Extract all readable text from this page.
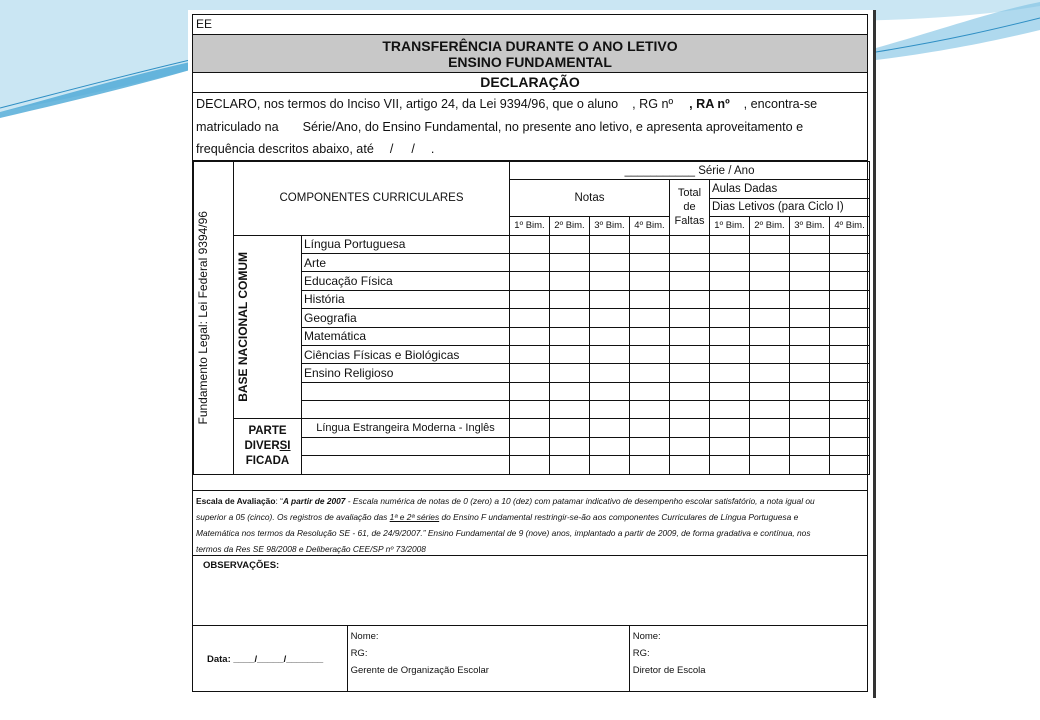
EE
TRANSFERÊNCIA DURANTE O ANO LETIVO
ENSINO FUNDAMENTAL
DECLARAÇÃO
DECLARO, nos termos do Inciso VII, artigo 24, da Lei 9394/96, que o aluno , RG nº , RA nº , encontra-se
matriculado na Série/Ano, do Ensino Fundamental, no presente ano letivo, e apresenta aproveitamento e
frequência descritos abaixo, até / / .
Fundamento Legal: Lei Federal 9394/96	COMPONENTES CURRICULARES		___________ Série / Ano								
			Notas				Total de Faltas	Aulas Dadas			
								Dias Letivos (para Ciclo I)			
			1º Bim.	2º Bim.	3º Bim.	4º Bim.		1º Bim.	2º Bim.	3º Bim.	4º Bim.

	BASE NACIONAL COMUM	Língua Portuguesa									
		Arte									
		Educação Física									
		História									
		Geografia									
		Matemática									
		Ciências Físicas e Biológicas									
		Ensino Religioso									

	PARTE
DIVERSI
FICADA	Língua Estrangeira Moderna - Inglês									

Escala de Avaliação: “A partir de 2007 - Escala numérica de notas de 0 (zero) a 10 (dez) com patamar indicativo de desempenho escolar satisfatório, a nota igual ou
superior a 05 (cinco). Os registros de avaliação das 1ª e 2ª séries do Ensino F undamental restringir-se-ão aos componentes Curriculares de Língua Portuguesa e
Matemática nos termos da Resolução SE - 61, de 24/9/2007.” Ensino Fundamental de 9 (nove) anos, implantado a partir de 2009, de forma gradativa e contínua, nos
termos da Res SE 98/2008 e Deliberação CEE/SP nº 73/2008
OBSERVAÇÕES:
Data: ____/_____/_______
Nome:
RG:
Gerente de Organização Escolar
Nome:
RG:
Diretor de Escola
